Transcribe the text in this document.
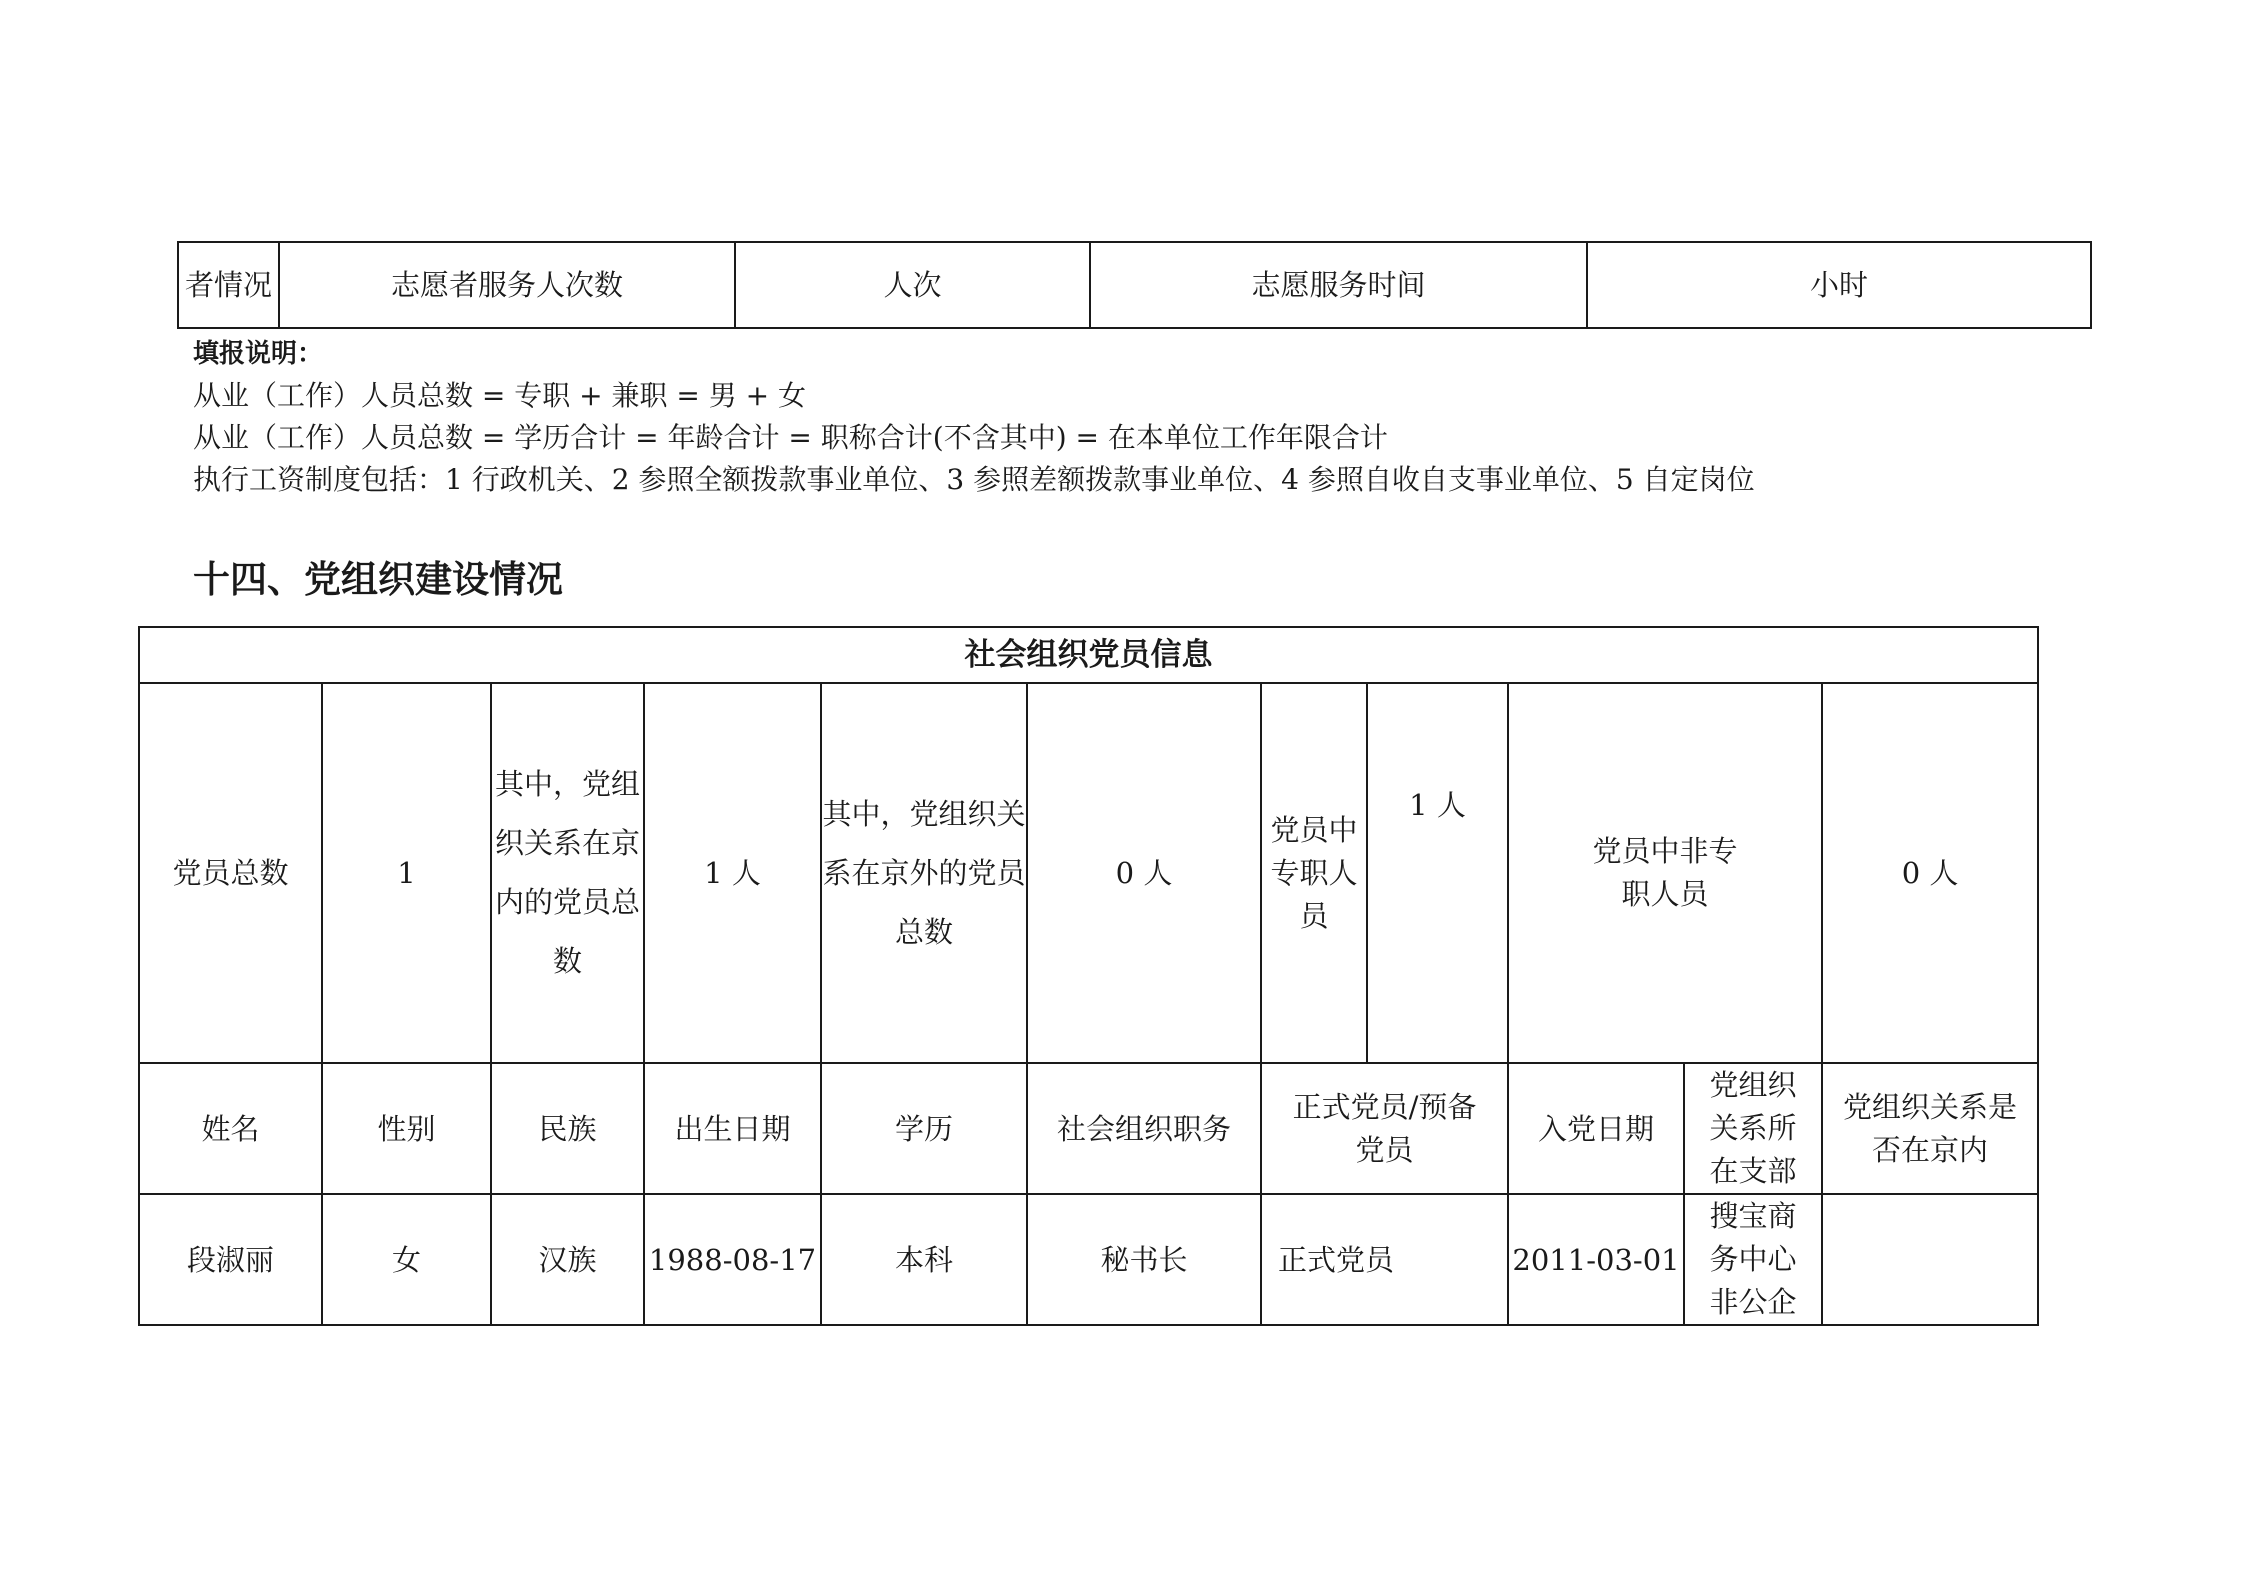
者情况	志愿者服务人次数	人次	志愿服务时间	小时
填报说明：
从业（工作）人员总数 = 专职 + 兼职 = 男 + 女
从业（工作）人员总数 = 学历合计 = 年龄合计 = 职称合计(不含其中) = 在本单位工作年限合计
执行工资制度包括：1 行政机关、2 参照全额拨款事业单位、3 参照差额拨款事业单位、4 参照自收自支事业单位、5 自定岗位
十四、党组织建设情况
社会组织党员信息										
党员总数	1	其中，党组织关系在京内的党员总数	1 人	其中，党组织关系在京外的党员总数	0 人	党员中专职人员	1 人	党员中非专职人员		0 人
姓名	性别	民族	出生日期	学历	社会组织职务	正式党员/预备党员		入党日期	党组织关系所在支部	党组织关系是否在京内
段淑丽	女	汉族	1988-08-17	本科	秘书长	正式党员		2011-03-01	搜宝商务中心非公企	
